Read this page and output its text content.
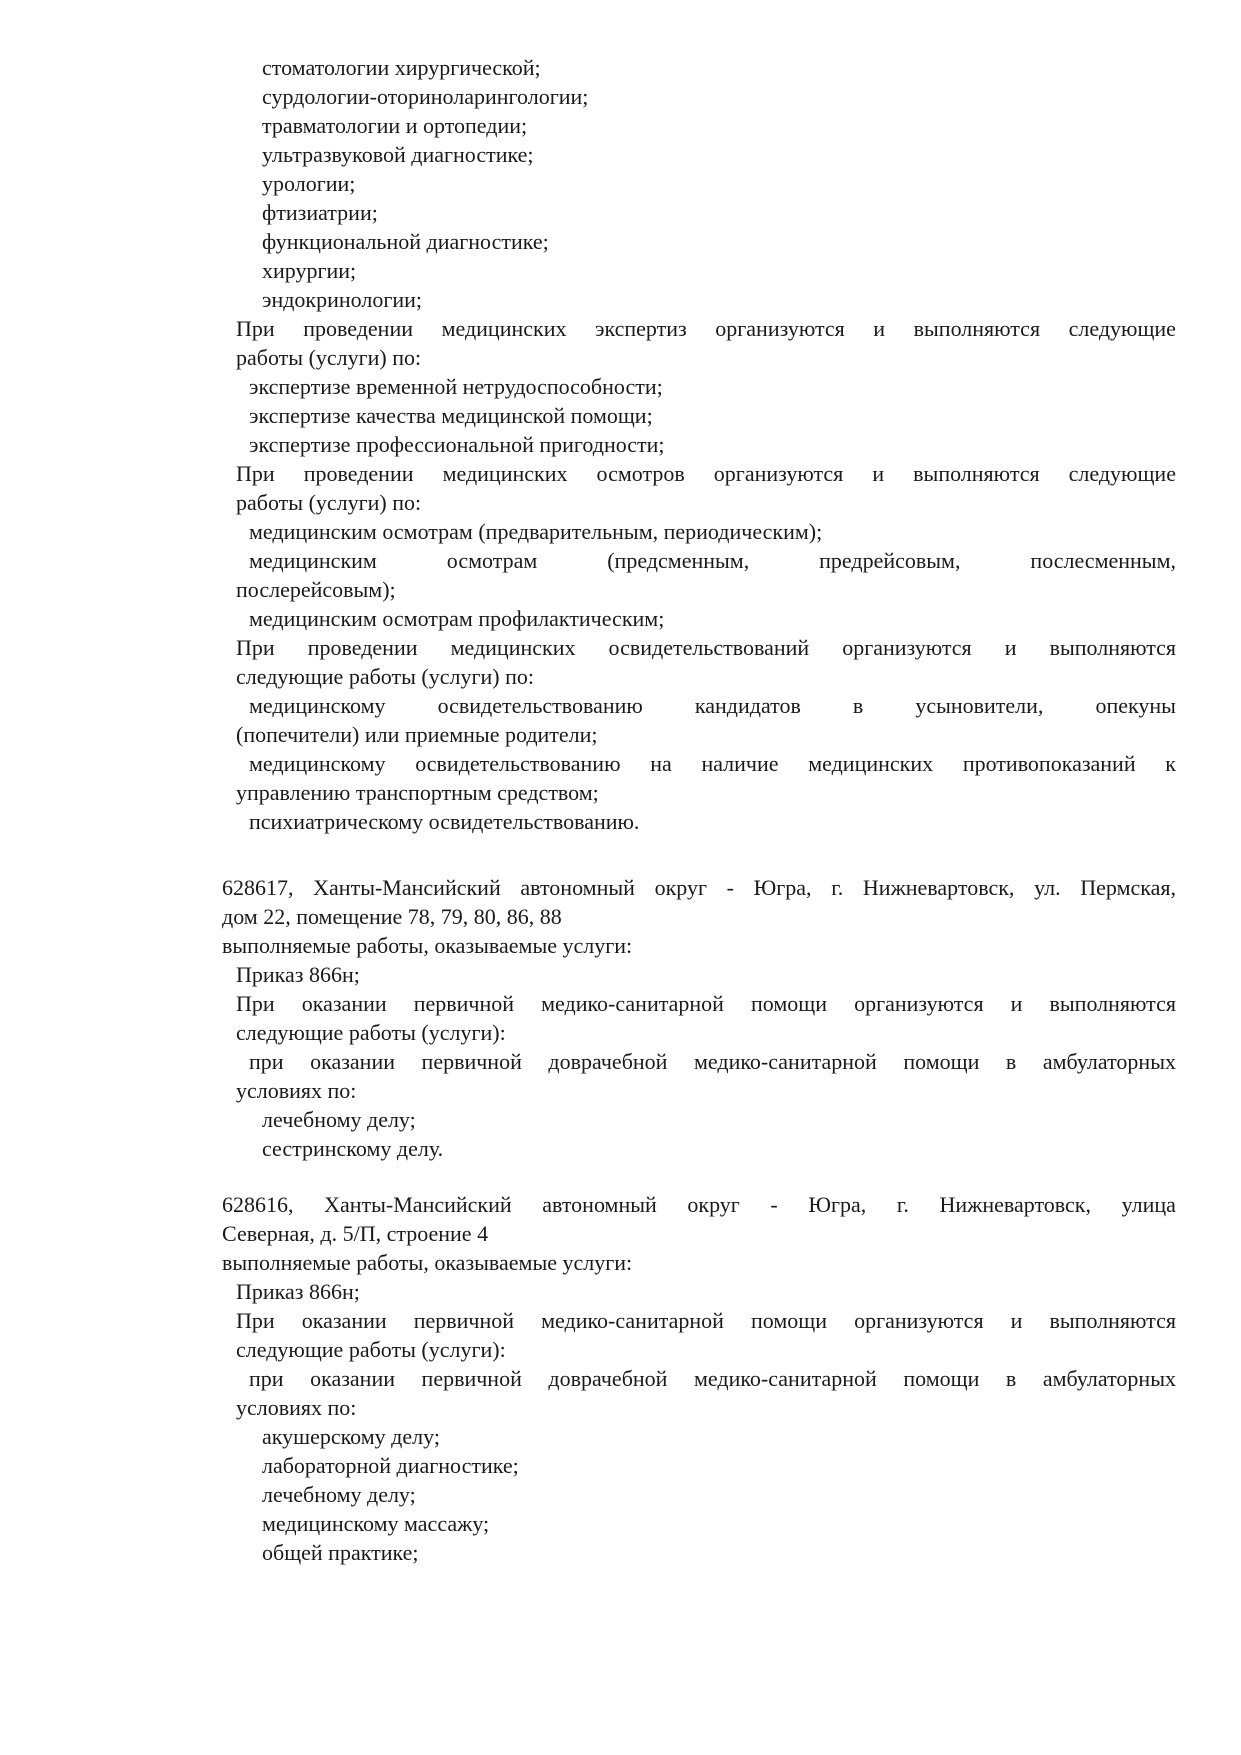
стоматологии хирургической;
сурдологии-оториноларингологии;
травматологии и ортопедии;
ультразвуковой диагностике;
урологии;
фтизиатрии;
функциональной диагностике;
хирургии;
эндокринологии;
При проведении медицинских экспертиз организуются и выполняются следующие
работы (услуги) по:
экспертизе временной нетрудоспособности;
экспертизе качества медицинской помощи;
экспертизе профессиональной пригодности;
При проведении медицинских осмотров организуются и выполняются следующие
работы (услуги) по:
медицинским осмотрам (предварительным, периодическим);
медицинским	осмотрам	(предсменным,	предрейсовым,	послесменным,
послерейсовым);
медицинским осмотрам профилактическим;
При проведении медицинских освидетельствований организуются и выполняются
следующие работы (услуги) по:
медицинскому освидетельствованию кандидатов в усыновители, опекуны
(попечители) или приемные родители;
медицинскому освидетельствованию на наличие медицинских противопоказаний к
управлению транспортным средством;
психиатрическому освидетельствованию.
628617, Ханты-Мансийский автономный округ - Югра, г. Нижневартовск, ул. Пермская,
дом 22, помещение 78, 79, 80, 86, 88
выполняемые работы, оказываемые услуги:
Приказ 866н;
При оказании первичной медико-санитарной помощи организуются и выполняются
следующие работы (услуги):
при оказании первичной доврачебной медико-санитарной помощи в амбулаторных
условиях по:
лечебному делу;
сестринскому делу.
628616, Ханты-Мансийский автономный округ - Югра, г. Нижневартовск, улица
Северная, д. 5/П, строение 4
выполняемые работы, оказываемые услуги:
Приказ 866н;
При оказании первичной медико-санитарной помощи организуются и выполняются
следующие работы (услуги):
при оказании первичной доврачебной медико-санитарной помощи в амбулаторных
условиях по:
акушерскому делу;
лабораторной диагностике;
лечебному делу;
медицинскому массажу;
общей практике;
